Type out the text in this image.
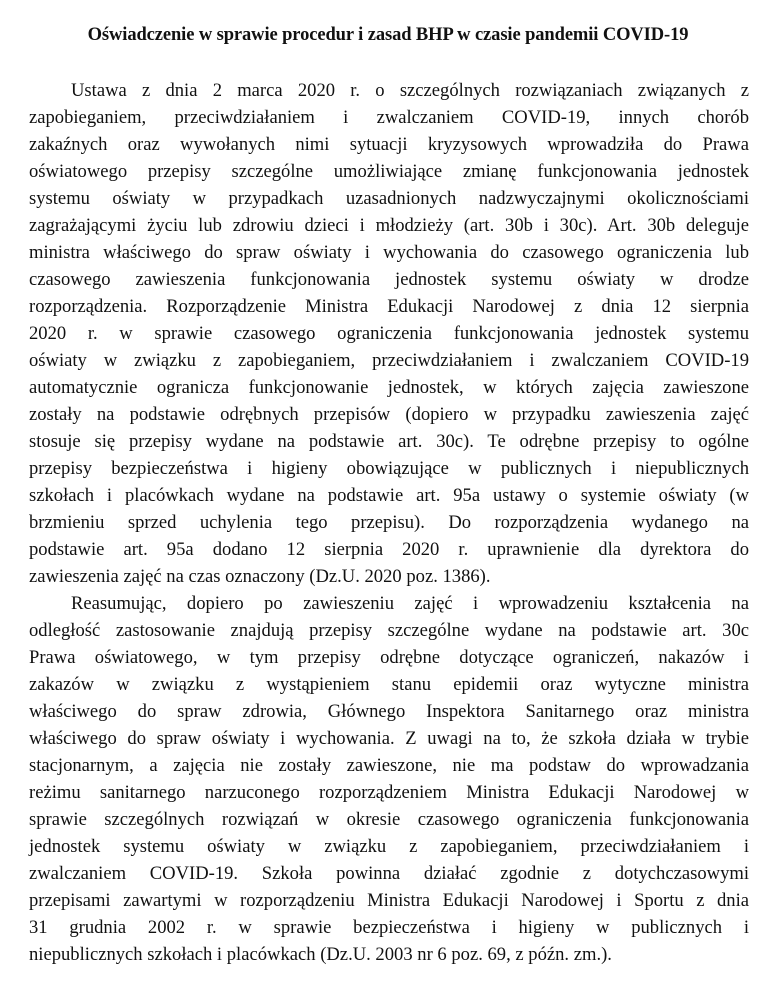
Oświadczenie w sprawie procedur i zasad BHP w czasie pandemii COVID-19
Ustawa z dnia 2 marca 2020 r. o szczególnych rozwiązaniach związanych z
zapobieganiem, przeciwdziałaniem i zwalczaniem COVID-19, innych chorób
zakaźnych oraz wywołanych nimi sytuacji kryzysowych wprowadziła do Prawa
oświatowego przepisy szczególne umożliwiające zmianę funkcjonowania jednostek
systemu oświaty w przypadkach uzasadnionych nadzwyczajnymi okolicznościami
zagrażającymi życiu lub zdrowiu dzieci i młodzieży (art. 30b i 30c). Art. 30b deleguje
ministra właściwego do spraw oświaty i wychowania do czasowego ograniczenia lub
czasowego zawieszenia funkcjonowania jednostek systemu oświaty w drodze
rozporządzenia. Rozporządzenie Ministra Edukacji Narodowej z dnia 12 sierpnia
2020 r. w sprawie czasowego ograniczenia funkcjonowania jednostek systemu
oświaty w związku z zapobieganiem, przeciwdziałaniem i zwalczaniem COVID-19
automatycznie ogranicza funkcjonowanie jednostek, w których zajęcia zawieszone
zostały na podstawie odrębnych przepisów (dopiero w przypadku zawieszenia zajęć
stosuje się przepisy wydane na podstawie art. 30c). Te odrębne przepisy to ogólne
przepisy bezpieczeństwa i higieny obowiązujące w publicznych i niepublicznych
szkołach i placówkach wydane na podstawie art. 95a ustawy o systemie oświaty (w
brzmieniu sprzed uchylenia tego przepisu). Do rozporządzenia wydanego na
podstawie art. 95a dodano 12 sierpnia 2020 r. uprawnienie dla dyrektora do
zawieszenia zajęć na czas oznaczony (Dz.U. 2020 poz. 1386).
Reasumując, dopiero po zawieszeniu zajęć i wprowadzeniu kształcenia na
odległość zastosowanie znajdują przepisy szczególne wydane na podstawie art. 30c
Prawa oświatowego, w tym przepisy odrębne dotyczące ograniczeń, nakazów i
zakazów w związku z wystąpieniem stanu epidemii oraz wytyczne ministra
właściwego do spraw zdrowia, Głównego Inspektora Sanitarnego oraz ministra
właściwego do spraw oświaty i wychowania. Z uwagi na to, że szkoła działa w trybie
stacjonarnym, a zajęcia nie zostały zawieszone, nie ma podstaw do wprowadzania
reżimu sanitarnego narzuconego rozporządzeniem Ministra Edukacji Narodowej w
sprawie szczególnych rozwiązań w okresie czasowego ograniczenia funkcjonowania
jednostek systemu oświaty w związku z zapobieganiem, przeciwdziałaniem i
zwalczaniem COVID-19. Szkoła powinna działać zgodnie z dotychczasowymi
przepisami zawartymi w rozporządzeniu Ministra Edukacji Narodowej i Sportu z dnia
31 grudnia 2002 r. w sprawie bezpieczeństwa i higieny w publicznych i
niepublicznych szkołach i placówkach (Dz.U. 2003 nr 6 poz. 69, z późn. zm.).
